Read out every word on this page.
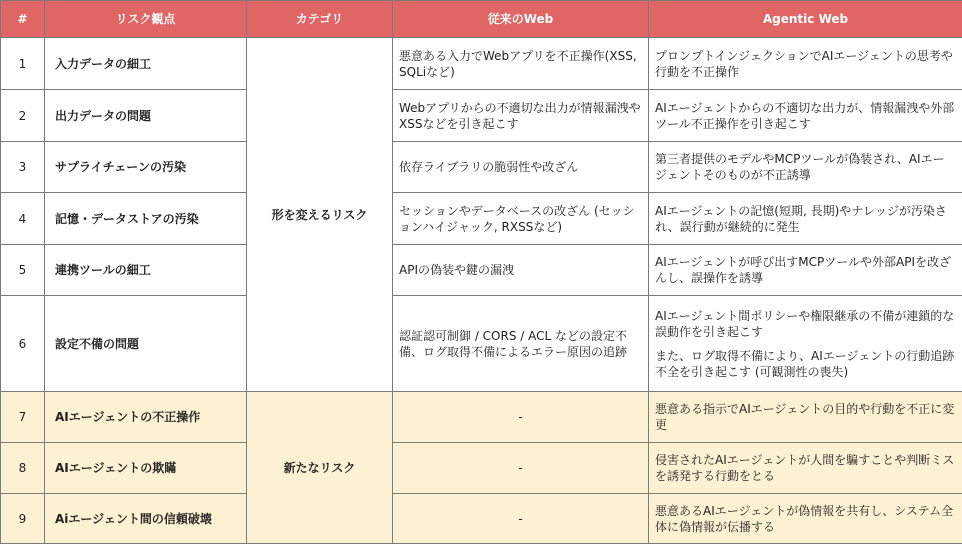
#	リスク観点	カテゴリ	従来のWeb	Agentic Web
1	入力データの細工	形を変えるリスク	悪意ある入力でWebアプリを不正操作(XSS, SQLiなど)	プロンプトインジェクションでAIエージェントの思考や行動を不正操作
2	出力データの問題		Webアプリからの不適切な出力が情報漏洩やXSSなどを引き起こす	AIエージェントからの不適切な出力が、情報漏洩や外部ツール不正操作を引き起こす
3	サプライチェーンの汚染		依存ライブラリの脆弱性や改ざん	第三者提供のモデルやMCPツールが偽装され、AIエージェントそのものが不正誘導
4	記憶・データストアの汚染		セッションやデータベースの改ざん (セッションハイジャック, RXSSなど)	AIエージェントの記憶(短期, 長期)やナレッジが汚染され、誤行動が継続的に発生
5	連携ツールの細工		APIの偽装や鍵の漏洩	AIエージェントが呼び出すMCPツールや外部APIを改ざんし、誤操作を誘導
6	設定不備の問題		認証認可制御 / CORS / ACL などの設定不備、ログ取得不備によるエラー原因の追跡	AIエージェント間ポリシーや権限継承の不備が連鎖的な誤動作を引き起こす
また、ログ取得不備により、AIエージェントの行動追跡不全を引き起こす (可観測性の喪失)

7	AIエージェントの不正操作	新たなリスク	-	悪意ある指示でAIエージェントの目的や行動を不正に変更
8	AIエージェントの欺瞞		-	侵害されたAIエージェントが人間を騙すことや判断ミスを誘発する行動をとる
9	Aiエージェント間の信頼破壊		-	悪意あるAIエージェントが偽情報を共有し、システム全体に偽情報が伝播する
